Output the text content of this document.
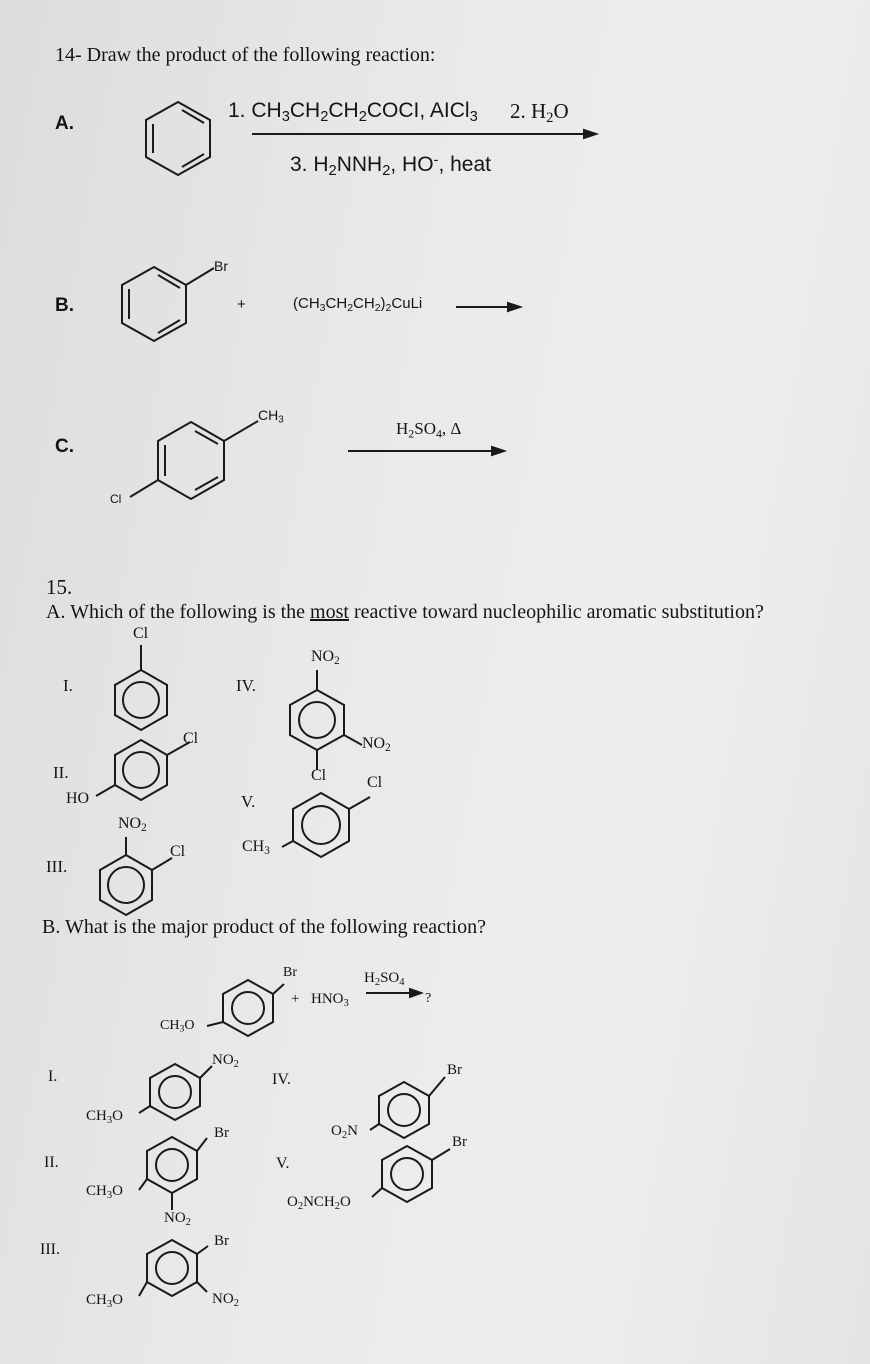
14- Draw the product of the following reaction:
A.
1. $CH_3CH_2CH_2COCI$, AICl$_3$ 2. $H_2O$
3. $H_2NNH_2$, HO-, heat
B.
Br
+	$(CH_3CH_2CH_2)_2CuLi$
C.
$CH_3$
Cl
$H_2SO_4$, Δ
15.
A. Which of the following is the most reactive toward nucleophilic aromatic substitution?
I.
Cl
II.
Cl
HO
III.
$NO_2$
Cl
IV.
$NO_2$
$NO_2$
Cl
V.
Cl
$CH_3$
B. What is the major product of the following reaction?
Br
$CH_3O$
+ $HNO_3$
$H_2SO_4$
?
I.
$NO_2$
$CH_3O$
II.
Br
$CH_3O$
$NO_2$
III.	Br
$CH_3O$	$NO_2$
IV.
Br
$O_2N$
V.
Br
$O_2NCH_2O$
